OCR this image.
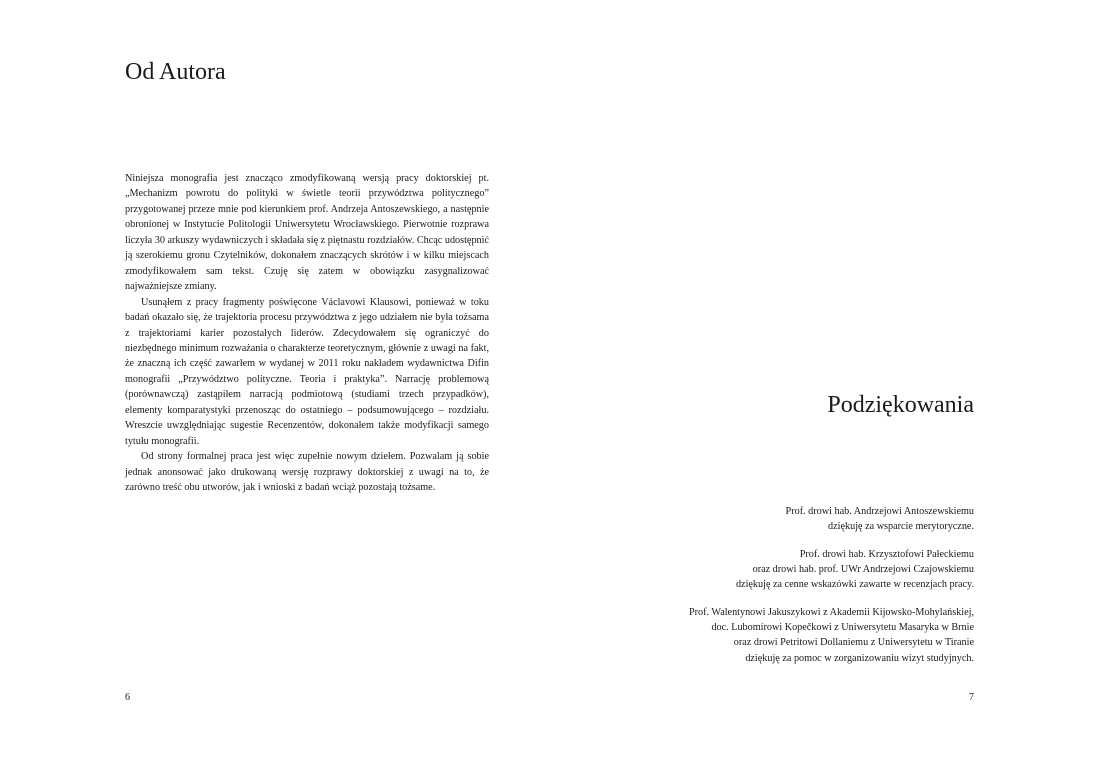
Od Autora

Niniejsza monografia jest znacząco zmodyfikowaną wersją pracy doktorskiej pt. „Mechanizm powrotu do polityki w świetle teorii przywództwa politycznego” przygotowanej przeze mnie pod kierunkiem prof. Andrzeja Antoszewskiego, a następnie obronionej w Instytucie Politologii Uniwersytetu Wrocławskiego. Pierwotnie rozprawa liczyła 30 arkuszy wydawniczych i składała się z piętnastu rozdziałów. Chcąc udostępnić ją szerokiemu gronu Czytelników, dokonałem znaczących skrótów i w kilku miejscach zmodyfikowałem sam tekst. Czuję się zatem w obowiązku zasygnalizować najważniejsze zmiany.

Usunąłem z pracy fragmenty poświęcone Václavowi Klausowi, ponieważ w toku badań okazało się, że trajektoria procesu przywództwa z jego udziałem nie była tożsama z trajektoriami karier pozostałych liderów. Zdecydowałem się ograniczyć do niezbędnego minimum rozważania o charakterze teoretycznym, głównie z uwagi na fakt, że znaczną ich część zawarłem w wydanej w 2011 roku nakładem wydawnictwa Difin monografii „Przywództwo polityczne. Teoria i praktyka”. Narrację problemową (porównawczą) zastąpiłem narracją podmiotową (studiami trzech przypadków), elementy komparatystyki przenosząc do ostatniego – podsumowującego – rozdziału. Wreszcie uwzględniając sugestie Recenzentów, dokonałem także modyfikacji samego tytułu monografii.

Od strony formalnej praca jest więc zupełnie nowym dziełem. Pozwalam ją sobie jednak anonsować jako drukowaną wersję rozprawy doktorskiej z uwagi na to, że zarówno treść obu utworów, jak i wnioski z badań wciąż pozostają tożsame.

6
Podziękowania
Prof. drowi hab. Andrzejowi Antoszewskiemu
dziękuję za wsparcie merytoryczne.
Prof. drowi hab. Krzysztofowi Pałeckiemu
oraz drowi hab. prof. UWr Andrzejowi Czajowskiemu
dziękuję za cenne wskazówki zawarte w recenzjach pracy.
Prof. Walentynowi Jakuszykowi z Akademii Kijowsko-Mohylańskiej,
doc. Lubomírowi Kopečkowi z Uniwersytetu Masaryka w Brnie
oraz drowi Petritowi Dollaniemu z Uniwersytetu w Tiranie
dziękuję za pomoc w zorganizowaniu wizyt studyjnych.
7
